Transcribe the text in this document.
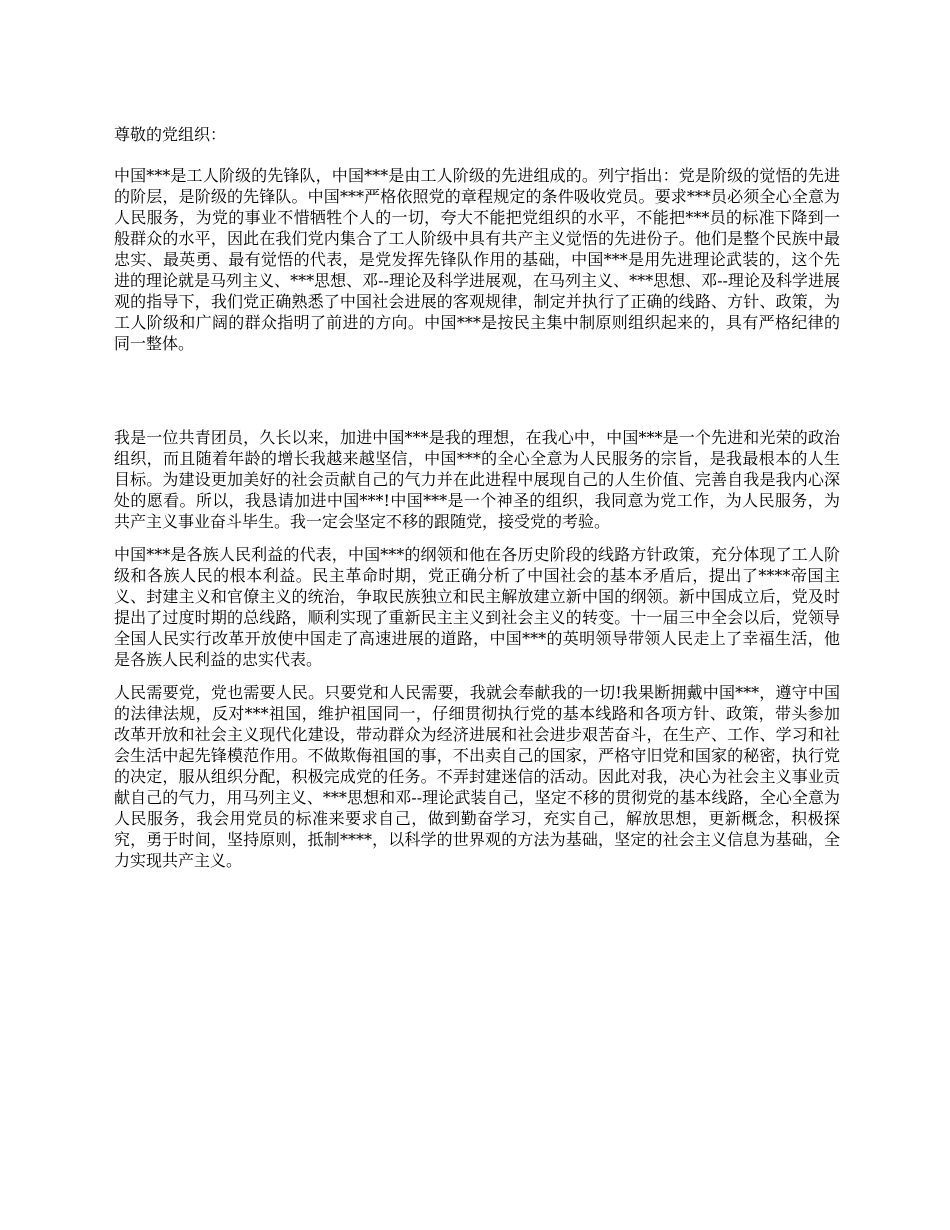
尊敬的党组织：

中国***是工人阶级的先锋队，中国***是由工人阶级的先进组成的。列宁指出：党是阶级的觉悟的先进的阶层，是阶级的先锋队。中国***严格依照党的章程规定的条件吸收党员。要求***员必须全心全意为人民服务，为党的事业不惜牺牲个人的一切，夸大不能把党组织的水平，不能把***员的标准下降到一般群众的水平，因此在我们党内集合了工人阶级中具有共产主义觉悟的先进份子。他们是整个民族中最忠实、最英勇、最有觉悟的代表，是党发挥先锋队作用的基础，中国***是用先进理论武装的，这个先进的理论就是马列主义、***思想、邓--理论及科学进展观，在马列主义、***思想、邓--理论及科学进展观的指导下，我们党正确熟悉了中国社会进展的客观规律，制定并执行了正确的线路、方针、政策，为工人阶级和广阔的群众指明了前进的方向。中国***是按民主集中制原则组织起来的，具有严格纪律的同一整体。

我是一位共青团员，久长以来，加进中国***是我的理想，在我心中，中国***是一个先进和光荣的政治组织，而且随着年龄的增长我越来越坚信，中国***的全心全意为人民服务的宗旨，是我最根本的人生目标。为建设更加美好的社会贡献自己的气力并在此进程中展现自己的人生价值、完善自我是我内心深处的愿看。所以，我恳请加进中国***!中国***是一个神圣的组织，我同意为党工作，为人民服务，为共产主义事业奋斗毕生。我一定会坚定不移的跟随党，接受党的考验。

中国***是各族人民利益的代表，中国***的纲领和他在各历史阶段的线路方针政策，充分体现了工人阶级和各族人民的根本利益。民主革命时期，党正确分析了中国社会的基本矛盾后，提出了****帝国主义、封建主义和官僚主义的统治，争取民族独立和民主解放建立新中国的纲领。新中国成立后，党及时提出了过度时期的总线路，顺利实现了重新民主主义到社会主义的转变。十一届三中全会以后，党领导全国人民实行改革开放使中国走了高速进展的道路，中国***的英明领导带领人民走上了幸福生活，他是各族人民利益的忠实代表。

人民需要党，党也需要人民。只要党和人民需要，我就会奉献我的一切!我果断拥戴中国***，遵守中国的法律法规，反对***祖国，维护祖国同一，仔细贯彻执行党的基本线路和各项方针、政策，带头参加改革开放和社会主义现代化建设，带动群众为经济进展和社会进步艰苦奋斗，在生产、工作、学习和社会生活中起先锋模范作用。不做欺侮祖国的事，不出卖自己的国家，严格守旧党和国家的秘密，执行党的决定，服从组织分配，积极完成党的任务。不弄封建迷信的活动。因此对我，决心为社会主义事业贡献自己的气力，用马列主义、***思想和邓--理论武装自己，坚定不移的贯彻党的基本线路，全心全意为人民服务，我会用党员的标准来要求自己，做到勤奋学习，充实自己，解放思想，更新概念，积极探究，勇于时间，坚持原则，抵制****，以科学的世界观的方法为基础，坚定的社会主义信息为基础，全力实现共产主义。
